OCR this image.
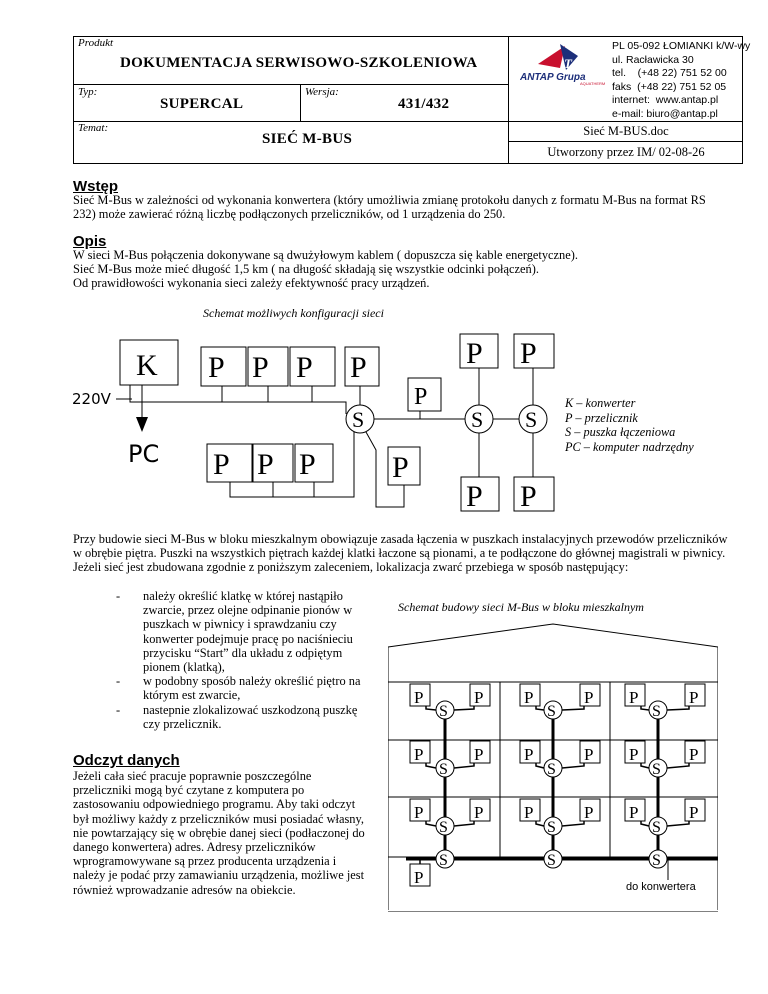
Produkt
DOKUMENTACJA SERWISOWO-SZKOLENIOWA
Typ:
SUPERCAL
Wersja:
431/432
Temat:
SIEĆ M-BUS	Sieć M-BUS.doc
Utworzony przez IM/ 02-08-26
T
ANTAP Grupa
AQUATHERM
PL 05-092 ŁOMIANKI k/W-wy
ul. Racławicka 30
tel.    (+48 22) 751 52 00
faks  (+48 22) 751 52 05
internet:  www.antap.pl
e-mail: biuro@antap.pl
Wstęp
Sieć M-Bus w zależności od wykonania konwertera (który umożliwia zmianę protokołu danych z formatu M-Bus na format RS 232) może zawierać różną liczbę podłączonych przeliczników, od 1 urządzenia do 250.
Opis
W sieci M-Bus połączenia dokonywane są dwużyłowym kablem ( dopuszcza się kable energetyczne).
Sieć M-Bus może mieć długość 1,5 km ( na długość składają się wszystkie odcinki połączeń).
Od prawidłowości wykonania sieci zależy efektywność pracy urządzeń.
Schemat możliwych konfiguracji sieci
K P P P P
P
P P
P P P	P
P P
S	S S
220V
PC
K – konwerter
P – przelicznik
S – puszka łączeniowa
PC – komputer nadrzędny
Przy budowie sieci M-Bus w bloku mieszkalnym obowiązuje zasada łączenia w puszkach instalacyjnych przewodów przeliczników w obrębie piętra. Puszki na wszystkich piętrach każdej klatki łaczone są pionami, a te podłączone do głównej magistrali w piwnicy. Jeżeli sieć jest zbudowana zgodnie z poniższym zaleceniem, lokalizacja zwarć przebiega w sposób następujący:
- należy określić klatkę w której nastąpiło zwarcie, przez olejne odpinanie pionów w puszkach w piwnicy i sprawdzaniu czy konwerter podejmuje pracę po naciśnieciu przycisku “Start” dla układu z odpiętym pionem (klatką),
- w podobny sposób należy określić piętro na którym est zwarcie,
- nastepnie zlokalizować uszkodzoną puszkę czy przelicznik.
Schemat budowy sieci M-Bus w bloku mieszkalnym
P	P
S
P	P
S
P	P
S
S
P	P
S
P	P
S
P	P
S
S
P	P
S
P	P
S
P	P
S
S
P	do konwertera
Odczyt danych
Jeżeli cała sieć pracuje poprawnie poszczególne przeliczniki mogą być czytane z komputera po zastosowaniu odpowiedniego programu. Aby taki odczyt był możliwy każdy z przeliczników musi posiadać własny, nie powtarzający się w obrębie danej sieci (podłaczonej do danego konwertera) adres. Adresy przeliczników wprogramowywane są przez producenta urządzenia i należy je podać przy zamawianiu urządzenia, możliwe jest również wprowadzanie adresów na obiekcie.
